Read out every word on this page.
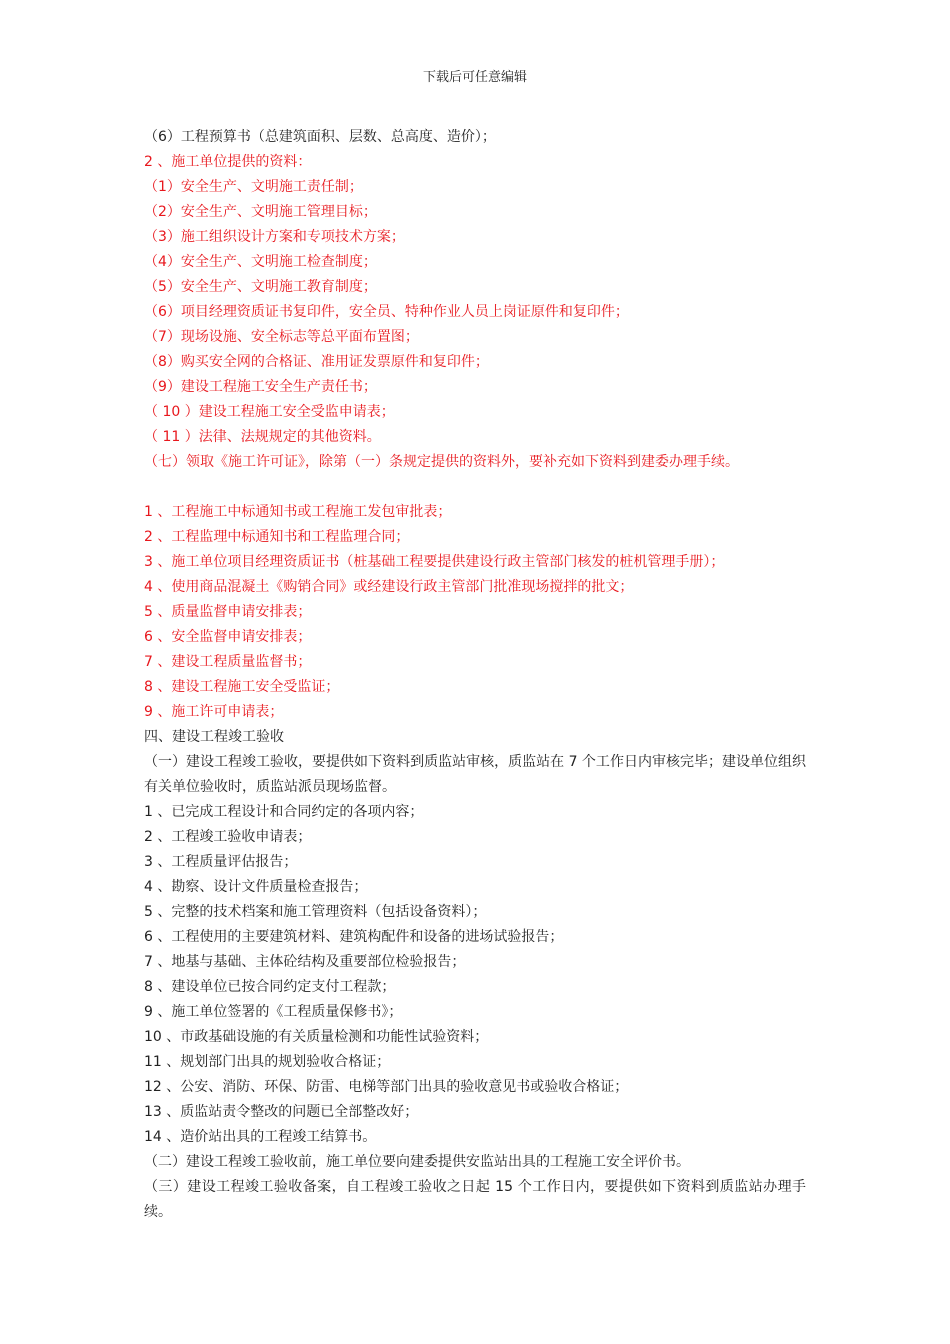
下载后可任意编辑
（6）工程预算书（总建筑面积、层数、总高度、造价）；
2 、施工单位提供的资料：
（1）安全生产、文明施工责任制；
（2）安全生产、文明施工管理目标；
（3）施工组织设计方案和专项技术方案；
（4）安全生产、文明施工检查制度；
（5）安全生产、文明施工教育制度；
（6）项目经理资质证书复印件，安全员、特种作业人员上岗证原件和复印件；
（7）现场设施、安全标志等总平面布置图；
（8）购买安全网的合格证、准用证发票原件和复印件；
（9）建设工程施工安全生产责任书；
（ 10 ）建设工程施工安全受监申请表；
（ 11 ）法律、法规规定的其他资料。
（七）领取《施工许可证》，除第（一）条规定提供的资料外，要补充如下资料到建委办理手续。
1 、工程施工中标通知书或工程施工发包审批表；
2 、工程监理中标通知书和工程监理合同；
3 、施工单位项目经理资质证书（桩基础工程要提供建设行政主管部门核发的桩机管理手册）；
4 、使用商品混凝土《购销合同》或经建设行政主管部门批准现场搅拌的批文；
5 、质量监督申请安排表；
6 、安全监督申请安排表；
7 、建设工程质量监督书；
8 、建设工程施工安全受监证；
9 、施工许可申请表；
四、建设工程竣工验收
（一）建设工程竣工验收，要提供如下资料到质监站审核，质监站在 7 个工作日内审核完毕；建设单位组织有关单位验收时，质监站派员现场监督。
1 、已完成工程设计和合同约定的各项内容；
2 、工程竣工验收申请表；
3 、工程质量评估报告；
4 、勘察、设计文件质量检查报告；
5 、完整的技术档案和施工管理资料（包括设备资料）；
6 、工程使用的主要建筑材料、建筑构配件和设备的进场试验报告；
7 、地基与基础、主体砼结构及重要部位检验报告；
8 、建设单位已按合同约定支付工程款；
9 、施工单位签署的《工程质量保修书》；
10 、市政基础设施的有关质量检测和功能性试验资料；
11 、规划部门出具的规划验收合格证；
12 、公安、消防、环保、防雷、电梯等部门出具的验收意见书或验收合格证；
13 、质监站责令整改的问题已全部整改好；
14 、造价站出具的工程竣工结算书。
（二）建设工程竣工验收前，施工单位要向建委提供安监站出具的工程施工安全评价书。
（三）建设工程竣工验收备案，自工程竣工验收之日起 15 个工作日内，要提供如下资料到质监站办理手续。
